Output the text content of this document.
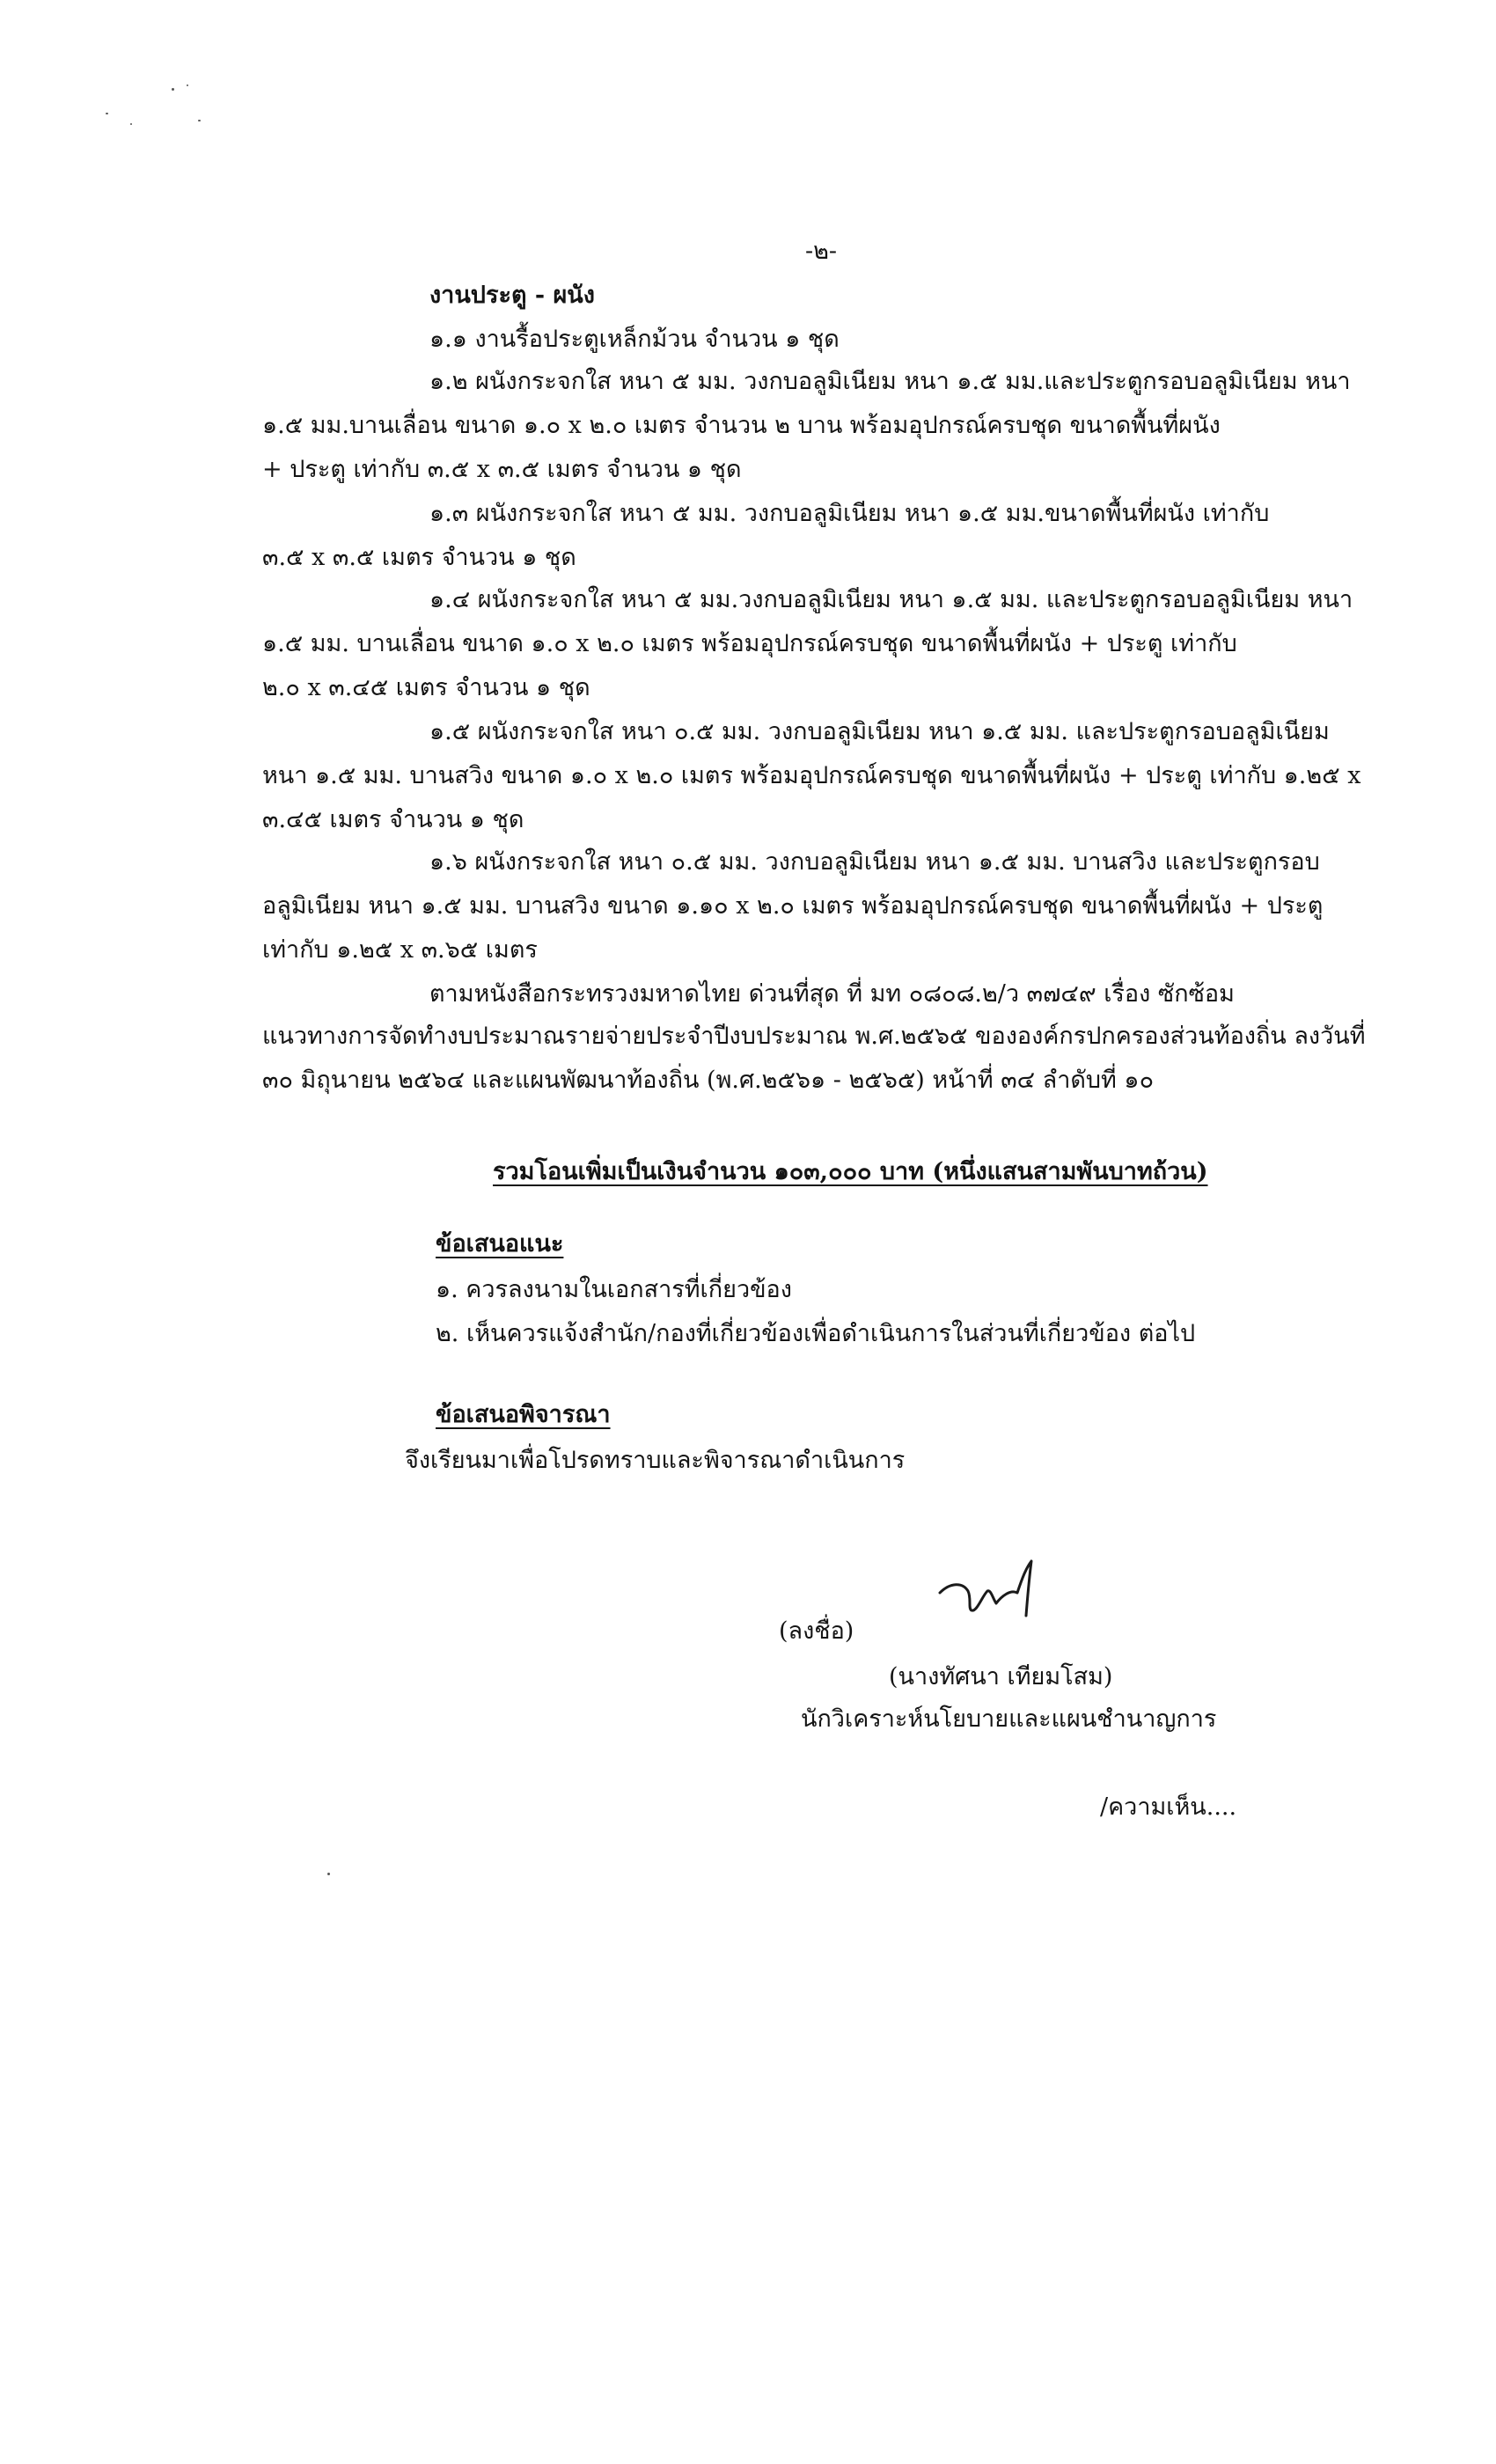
-๒-
งานประตู - ผนัง
๑.๑ งานรื้อประตูเหล็กม้วน จำนวน ๑ ชุด
๑.๒ ผนังกระจกใส หนา ๕ มม. วงกบอลูมิเนียม หนา ๑.๕ มม.และประตูกรอบอลูมิเนียม หนา
๑.๕ มม.บานเลื่อน ขนาด ๑.๐ x ๒.๐ เมตร จำนวน ๒ บาน พร้อมอุปกรณ์ครบชุด ขนาดพื้นที่ผนัง
+ ประตู เท่ากับ ๓.๕ x ๓.๕ เมตร จำนวน ๑ ชุด
๑.๓ ผนังกระจกใส หนา ๕ มม. วงกบอลูมิเนียม หนา ๑.๕ มม.ขนาดพื้นที่ผนัง เท่ากับ
๓.๕ x ๓.๕ เมตร จำนวน ๑ ชุด
๑.๔ ผนังกระจกใส หนา ๕ มม.วงกบอลูมิเนียม หนา ๑.๕ มม. และประตูกรอบอลูมิเนียม หนา
๑.๕ มม. บานเลื่อน ขนาด ๑.๐ x ๒.๐ เมตร พร้อมอุปกรณ์ครบชุด ขนาดพื้นที่ผนัง + ประตู เท่ากับ
๒.๐ x ๓.๔๕ เมตร จำนวน ๑ ชุด
๑.๕ ผนังกระจกใส หนา ๐.๕ มม. วงกบอลูมิเนียม หนา ๑.๕ มม. และประตูกรอบอลูมิเนียม
หนา ๑.๕ มม. บานสวิง ขนาด ๑.๐ x ๒.๐ เมตร พร้อมอุปกรณ์ครบชุด ขนาดพื้นที่ผนัง + ประตู เท่ากับ ๑.๒๕ x
๓.๔๕ เมตร จำนวน ๑ ชุด
๑.๖ ผนังกระจกใส หนา ๐.๕ มม. วงกบอลูมิเนียม หนา ๑.๕ มม. บานสวิง และประตูกรอบ
อลูมิเนียม หนา ๑.๕ มม. บานสวิง ขนาด ๑.๑๐ x ๒.๐ เมตร พร้อมอุปกรณ์ครบชุด ขนาดพื้นที่ผนัง + ประตู
เท่ากับ ๑.๒๕ x ๓.๖๕ เมตร
ตามหนังสือกระทรวงมหาดไทย ด่วนที่สุด ที่ มท ๐๘๐๘.๒/ว ๓๗๔๙ เรื่อง ซักซ้อม
แนวทางการจัดทำงบประมาณรายจ่ายประจำปีงบประมาณ พ.ศ.๒๕๖๕ ขององค์กรปกครองส่วนท้องถิ่น ลงวันที่
๓๐ มิถุนายน ๒๕๖๔ และแผนพัฒนาท้องถิ่น (พ.ศ.๒๕๖๑ - ๒๕๖๕) หน้าที่ ๓๔ ลำดับที่ ๑๐
รวมโอนเพิ่มเป็นเงินจำนวน ๑๐๓,๐๐๐ บาท (หนึ่งแสนสามพันบาทถ้วน)
ข้อเสนอแนะ
๑. ควรลงนามในเอกสารที่เกี่ยวข้อง
๒. เห็นควรแจ้งสำนัก/กองที่เกี่ยวข้องเพื่อดำเนินการในส่วนที่เกี่ยวข้อง ต่อไป
ข้อเสนอพิจารณา
จึงเรียนมาเพื่อโปรดทราบและพิจารณาดำเนินการ
(ลงชื่อ)
(นางทัศนา เทียมโสม)
นักวิเคราะห์นโยบายและแผนชำนาญการ
/ความเห็น....
